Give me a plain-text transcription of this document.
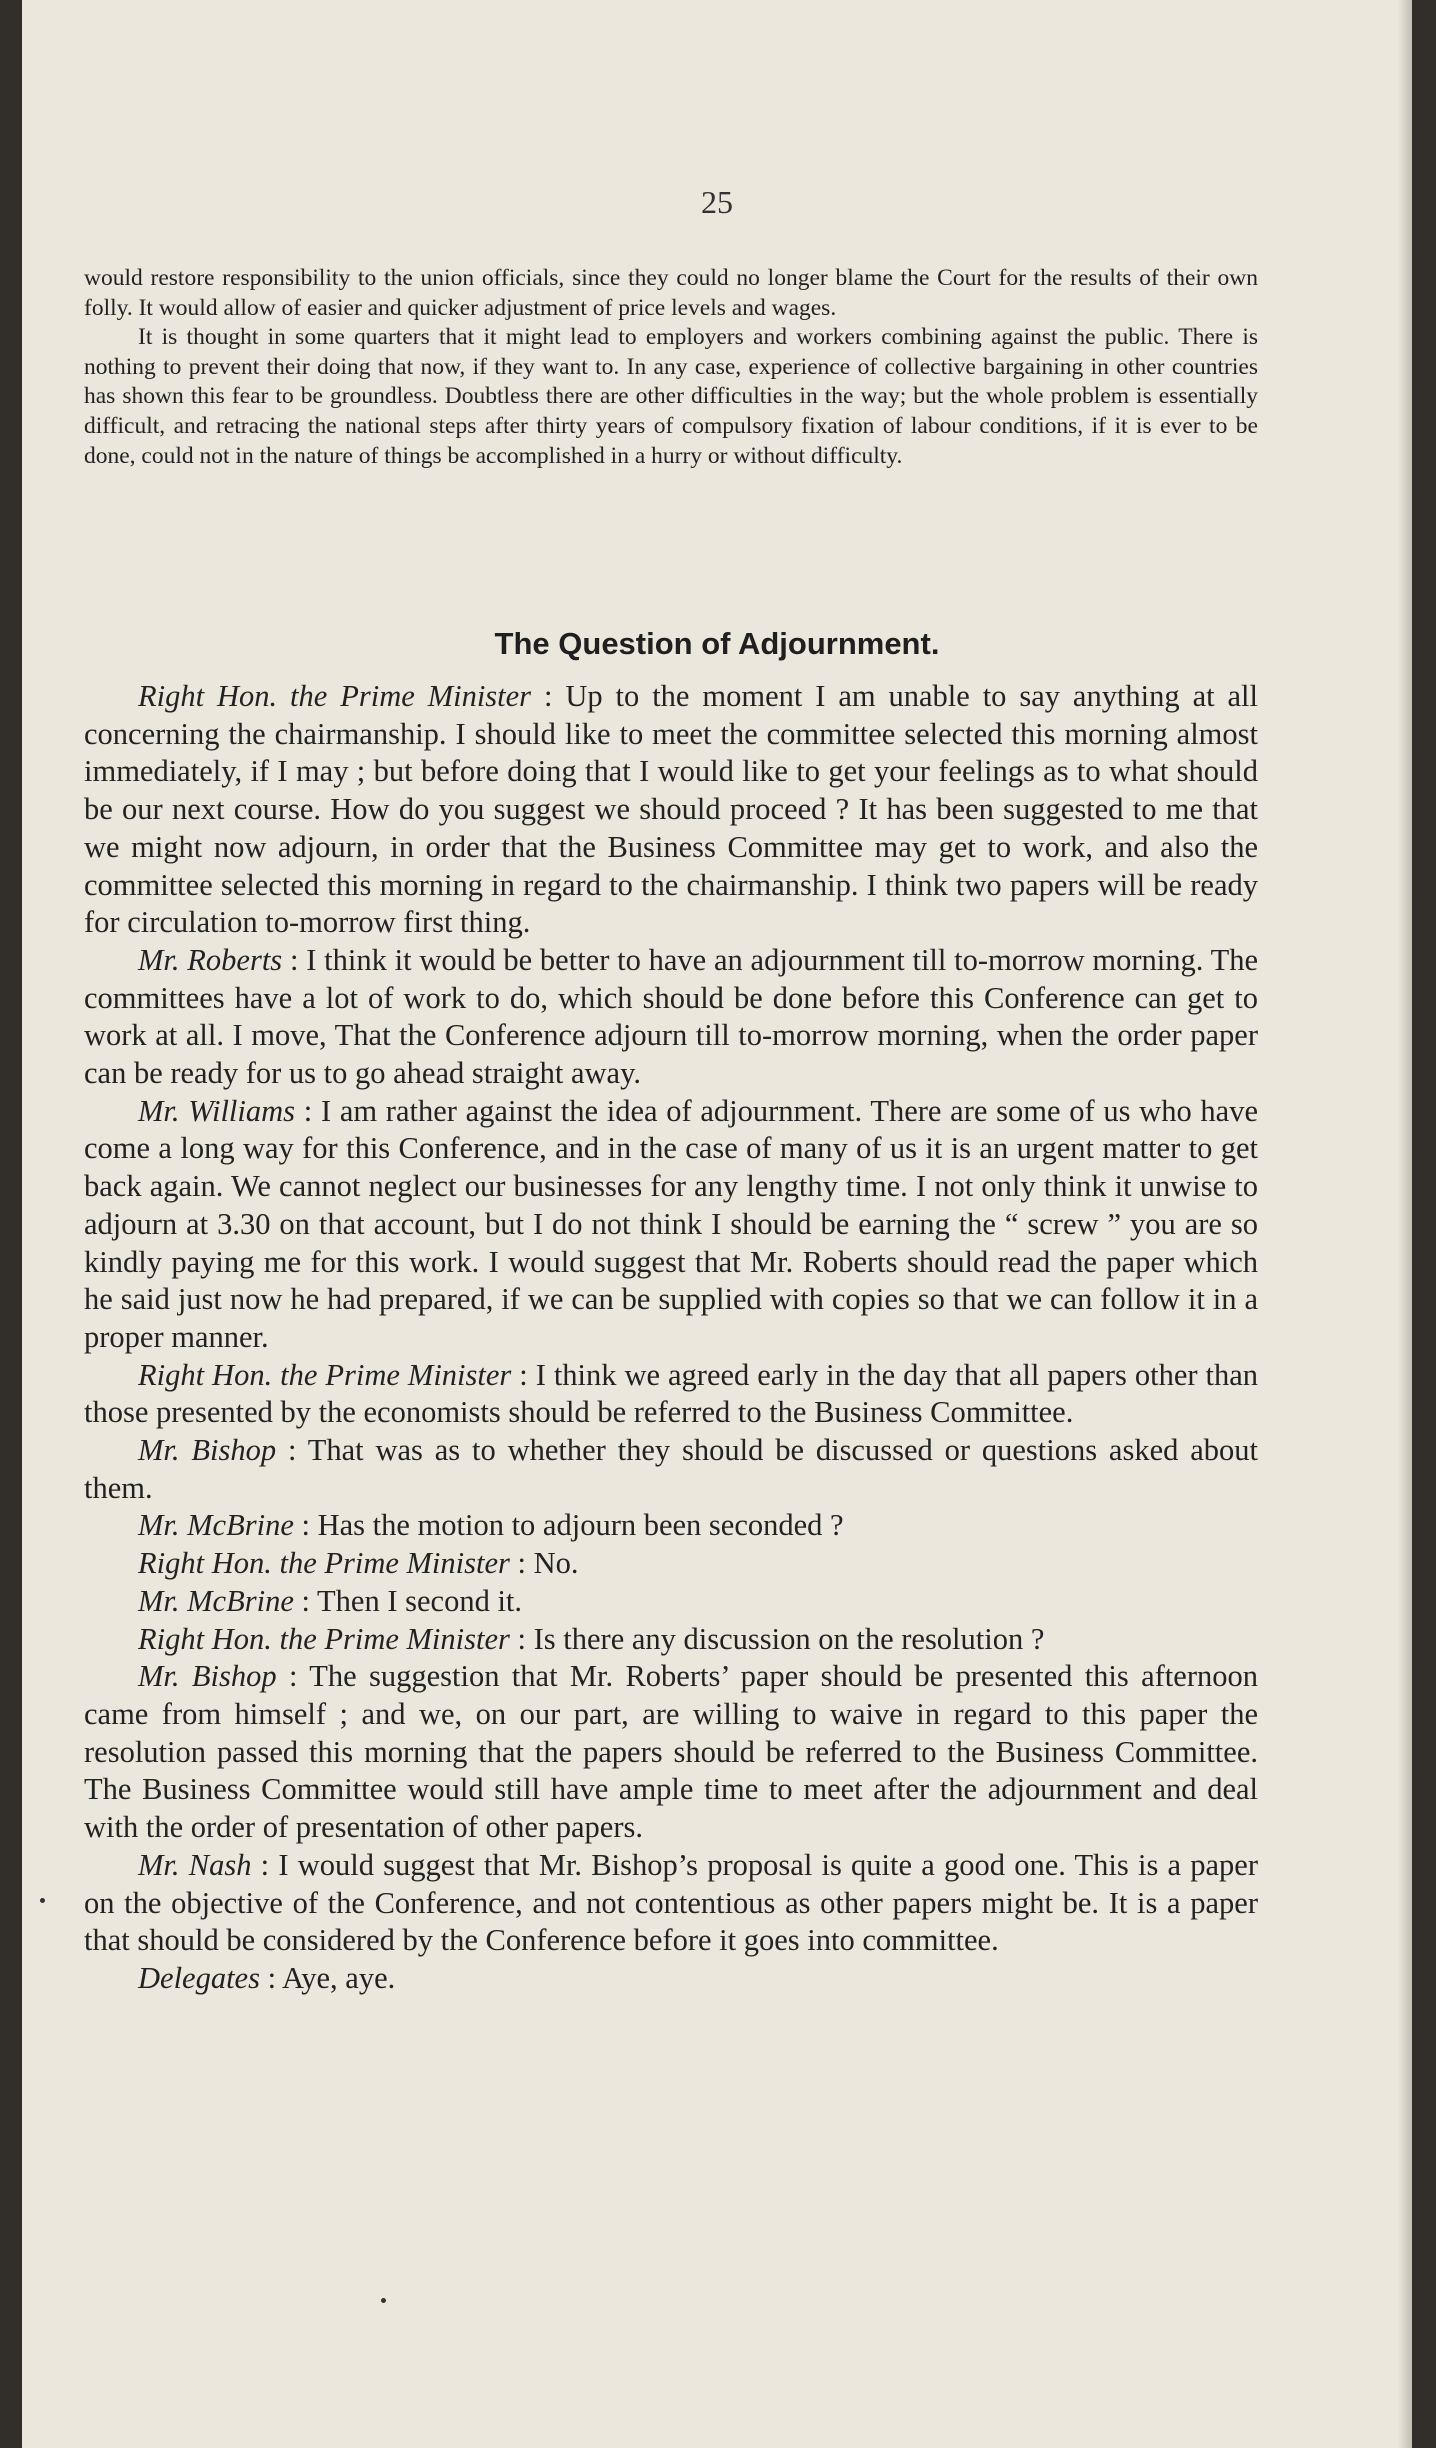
25

would restore responsibility to the union officials, since they could no longer blame the Court for the results of their own folly. It would allow of easier and quicker adjustment of price levels and wages.

It is thought in some quarters that it might lead to employers and workers combining against the public. There is nothing to prevent their doing that now, if they want to. In any case, experience of collective bargaining in other countries has shown this fear to be groundless. Doubtless there are other difficulties in the way; but the whole problem is essentially difficult, and retracing the national steps after thirty years of compulsory fixation of labour conditions, if it is ever to be done, could not in the nature of things be accomplished in a hurry or without difficulty.

The Question of Adjournment.

Right Hon. the Prime Minister : Up to the moment I am unable to say anything at all concerning the chairmanship. I should like to meet the committee selected this morning almost immediately, if I may ; but before doing that I would like to get your feelings as to what should be our next course. How do you suggest we should proceed ? It has been suggested to me that we might now adjourn, in order that the Business Committee may get to work, and also the committee selected this morning in regard to the chairmanship. I think two papers will be ready for circulation to-morrow first thing.

Mr. Roberts : I think it would be better to have an adjournment till to-morrow morning. The committees have a lot of work to do, which should be done before this Conference can get to work at all. I move, That the Conference adjourn till to-morrow morning, when the order paper can be ready for us to go ahead straight away.

Mr. Williams : I am rather against the idea of adjournment. There are some of us who have come a long way for this Conference, and in the case of many of us it is an urgent matter to get back again. We cannot neglect our businesses for any lengthy time. I not only think it unwise to adjourn at 3.30 on that account, but I do not think I should be earning the “ screw ” you are so kindly paying me for this work. I would suggest that Mr. Roberts should read the paper which he said just now he had prepared, if we can be supplied with copies so that we can follow it in a proper manner.

Right Hon. the Prime Minister : I think we agreed early in the day that all papers other than those presented by the economists should be referred to the Business Committee.

Mr. Bishop : That was as to whether they should be discussed or questions asked about them.

Mr. McBrine : Has the motion to adjourn been seconded ?

Right Hon. the Prime Minister : No.

Mr. McBrine : Then I second it.

Right Hon. the Prime Minister : Is there any discussion on the resolution ?

Mr. Bishop : The suggestion that Mr. Roberts’ paper should be presented this afternoon came from himself ; and we, on our part, are willing to waive in regard to this paper the resolution passed this morning that the papers should be referred to the Business Committee. The Business Committee would still have ample time to meet after the adjournment and deal with the order of presentation of other papers.

Mr. Nash : I would suggest that Mr. Bishop’s proposal is quite a good one. This is a paper on the objective of the Conference, and not contentious as other papers might be. It is a paper that should be considered by the Conference before it goes into committee.

Delegates : Aye, aye.
